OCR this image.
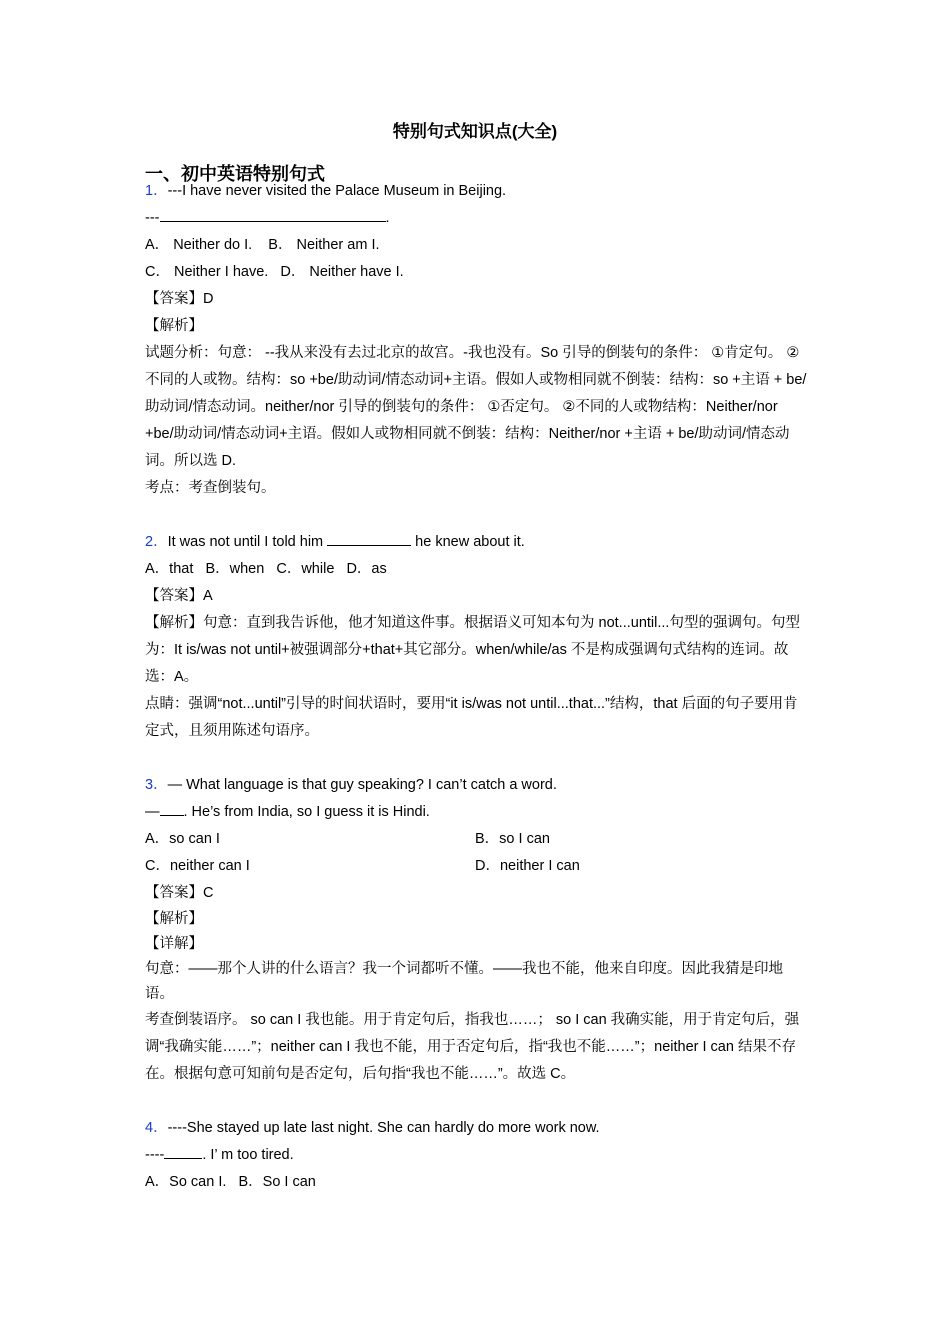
特别句式知识点(大全)
一、初中英语特别句式
1．---I have never visited the Palace Museum in Beijing.
---	.
A． Neither do I.    B． Neither am I.
C． Neither I have.   D． Neither have I.
【答案】D
【解析】
试题分析：句意： --我从来没有去过北京的故宫。-我也没有。So 引导的倒装句的条件： ①肯定句。 ②不同的人或物。结构：so +be/助动词/情态动词+主语。假如人或物相同就不倒装：结构：so +主语 + be/助动词/情态动词。neither/nor 引导的倒装句的条件： ①否定句。 ②不同的人或物结构：Neither/nor +be/助动词/情态动词+主语。假如人或物相同就不倒装：结构：Neither/nor +主语 + be/助动词/情态动词。所以选 D.
考点：考查倒装句。
2．It was not until I told him	he knew about it.
A．that   B．when   C．while   D．as
【答案】A
【解析】句意：直到我告诉他，他才知道这件事。根据语义可知本句为 not...until...句型的强调句。句型为：It is/was not until+被强调部分+that+其它部分。when/while/as 不是构成强调句式结构的连词。故选：A。
点睛：强调“not...until”引导的时间状语时，要用“it is/was not until...that...”结构，that 后面的句子要用肯定式，且须用陈述句语序。
3．— What language is that guy speaking? I can’t catch a word.
— . He’s from India, so I guess it is Hindi.
A．so can I	B．so I can
C．neither can I	D．neither I can
【答案】C
【解析】
【详解】
句意：——那个人讲的什么语言？我一个词都听不懂。——我也不能，他来自印度。因此我猜是印地语。
考查倒装语序。 so can I 我也能。用于肯定句后，指我也……； so I can 我确实能，用于肯定句后，强调“我确实能……”；neither can I 我也不能，用于否定句后，指“我也不能……”；neither I can 结果不存在。根据句意可知前句是否定句，后句指“我也不能……”。故选 C。
4．----She stayed up late last night. She can hardly do more work now.
----	. I’ m too tired.
A．So can I.   B．So I can
